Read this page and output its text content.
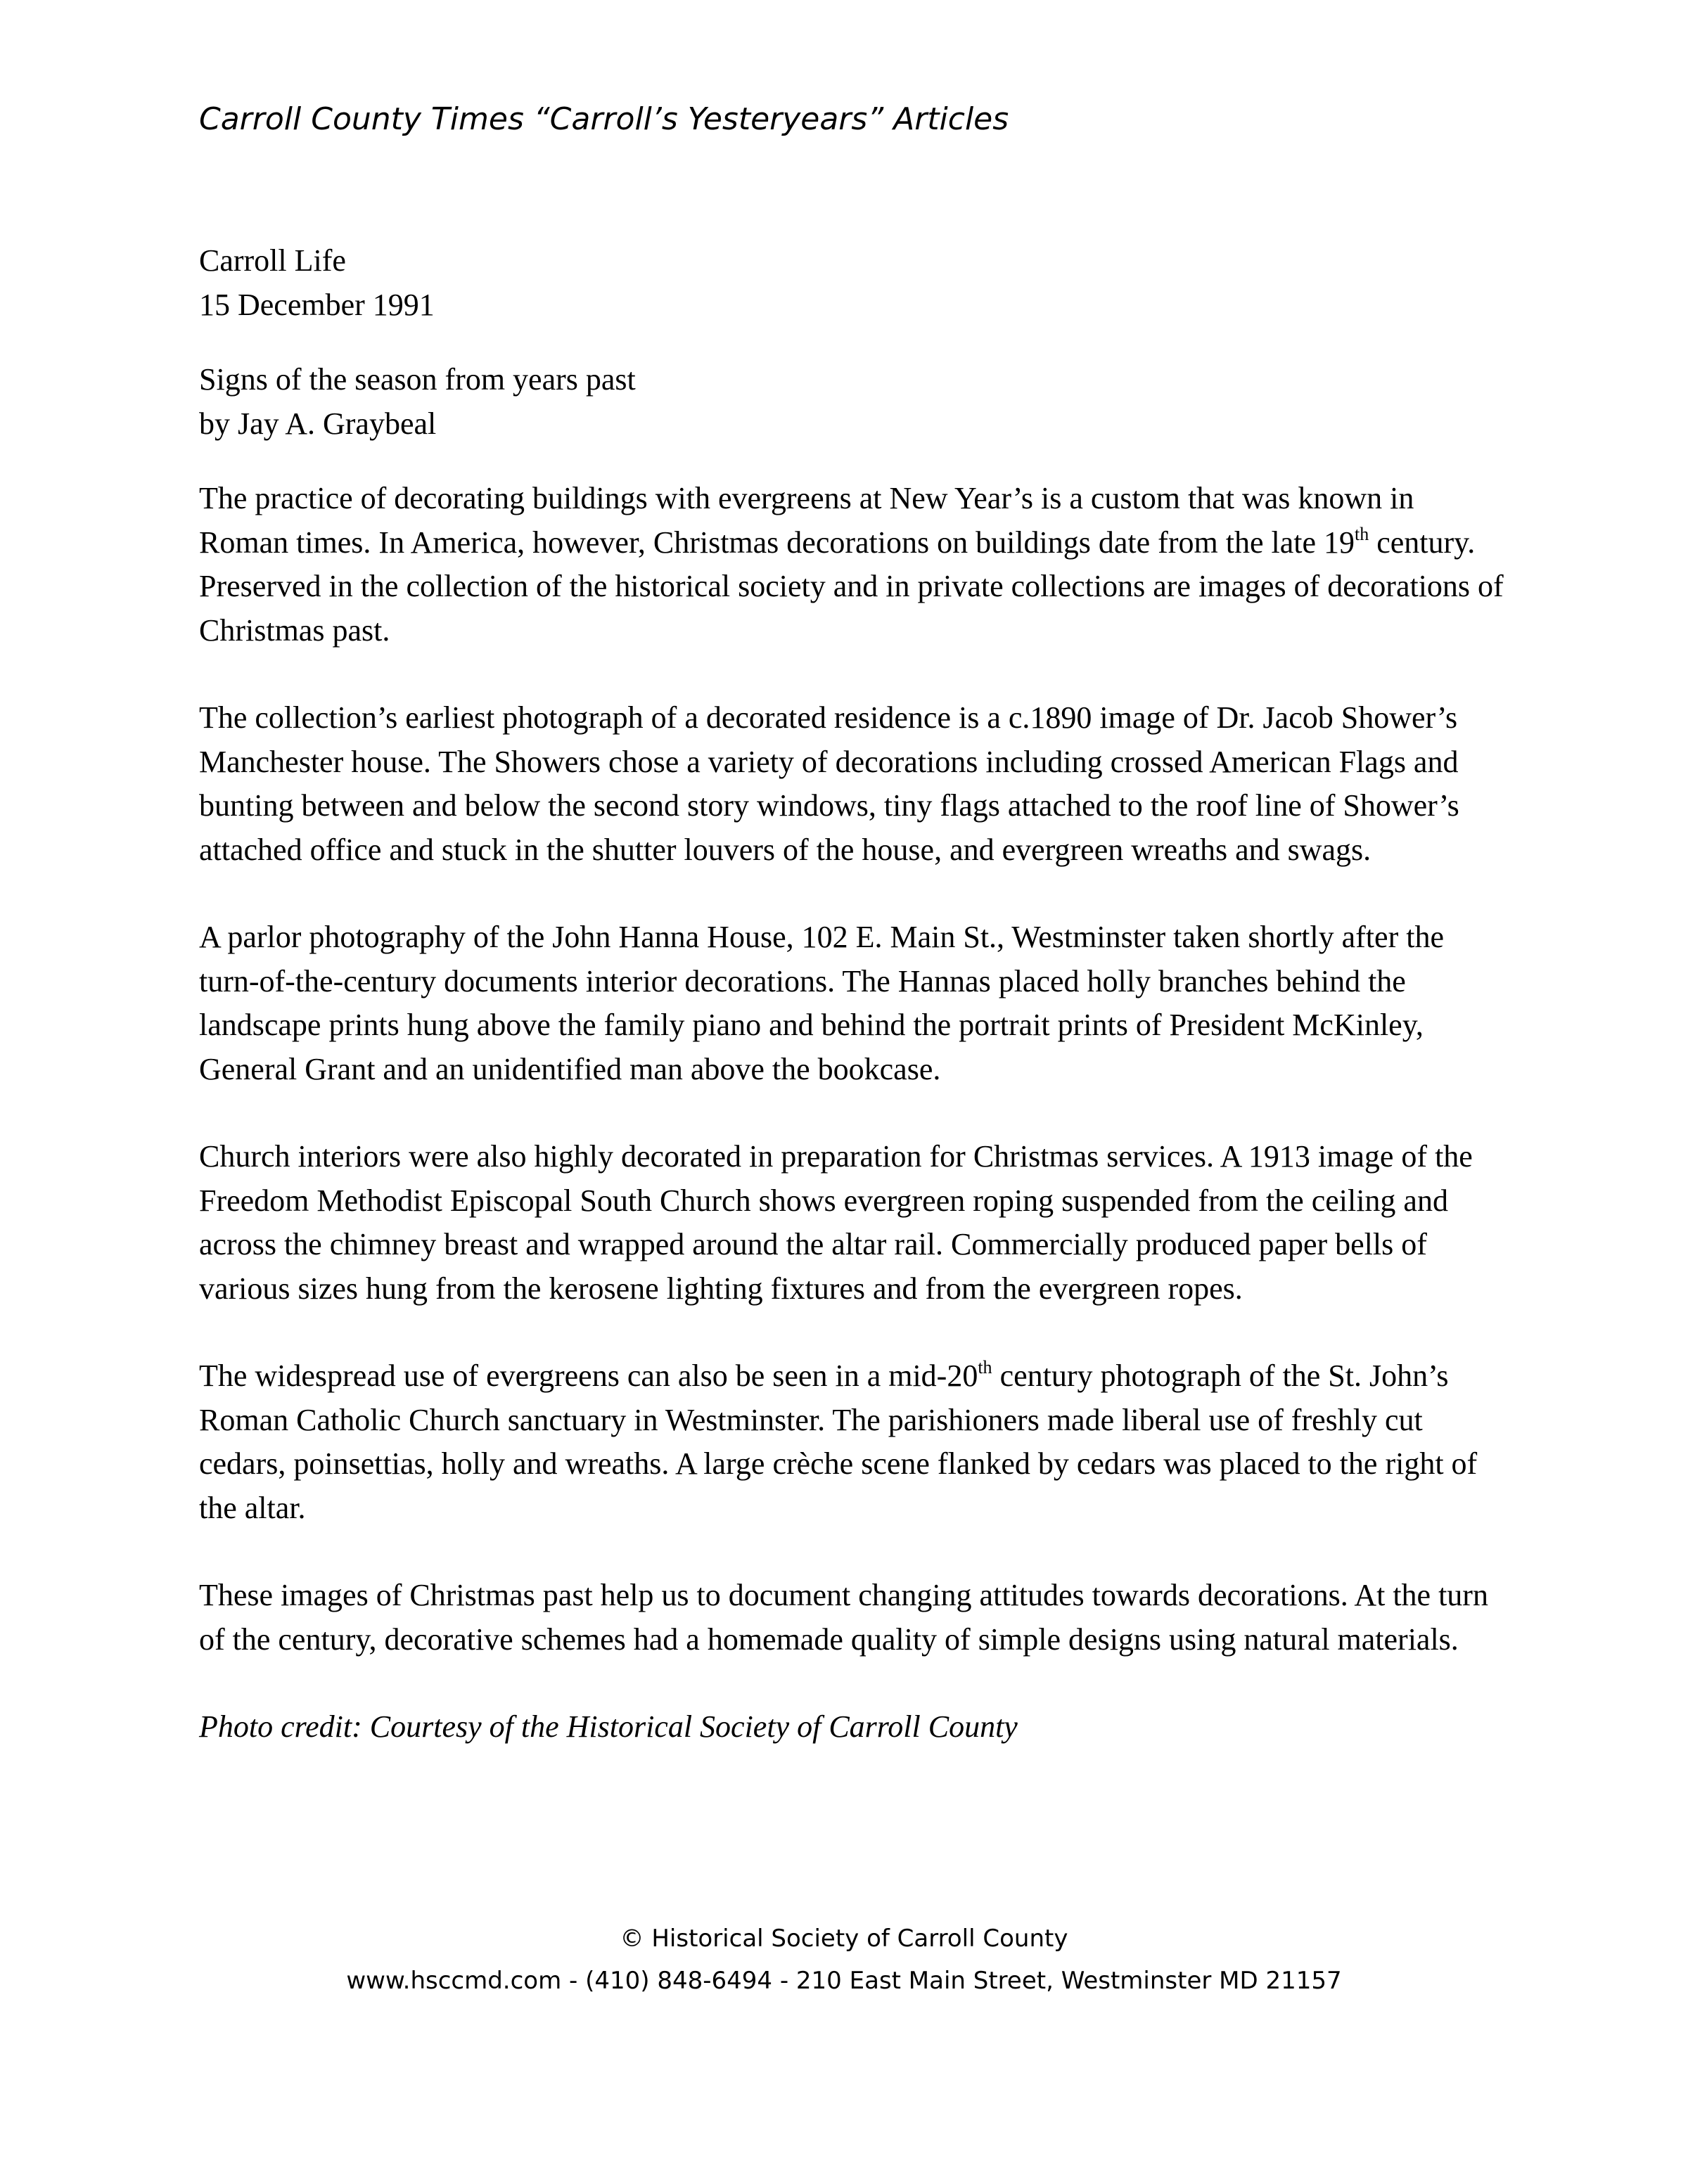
Carroll County Times “Carroll’s Yesteryears” Articles
Carroll Life
15 December 1991
Signs of the season from years past
by Jay A. Graybeal

The practice of decorating buildings with evergreens at New Year’s is a custom that was known in Roman times. In America, however, Christmas decorations on buildings date from the late 19th century. Preserved in the collection of the historical society and in private collections are images of decorations of Christmas past.

The collection’s earliest photograph of a decorated residence is a c.1890 image of Dr. Jacob Shower’s Manchester house. The Showers chose a variety of decorations including crossed American Flags and bunting between and below the second story windows, tiny flags attached to the roof line of Shower’s attached office and stuck in the shutter louvers of the house, and evergreen wreaths and swags.

A parlor photography of the John Hanna House, 102 E. Main St., Westminster taken shortly after the turn-of-the-century documents interior decorations. The Hannas placed holly branches behind the landscape prints hung above the family piano and behind the portrait prints of President McKinley, General Grant and an unidentified man above the bookcase.

Church interiors were also highly decorated in preparation for Christmas services. A 1913 image of the Freedom Methodist Episcopal South Church shows evergreen roping suspended from the ceiling and across the chimney breast and wrapped around the altar rail. Commercially produced paper bells of various sizes hung from the kerosene lighting fixtures and from the evergreen ropes.

The widespread use of evergreens can also be seen in a mid-20th century photograph of the St. John’s Roman Catholic Church sanctuary in Westminster. The parishioners made liberal use of freshly cut cedars, poinsettias, holly and wreaths. A large crèche scene flanked by cedars was placed to the right of the altar.

These images of Christmas past help us to document changing attitudes towards decorations. At the turn of the century, decorative schemes had a homemade quality of simple designs using natural materials.

Photo credit: Courtesy of the Historical Society of Carroll County

© Historical Society of Carroll County
www.hsccmd.com - (410) 848-6494 - 210 East Main Street, Westminster MD 21157
